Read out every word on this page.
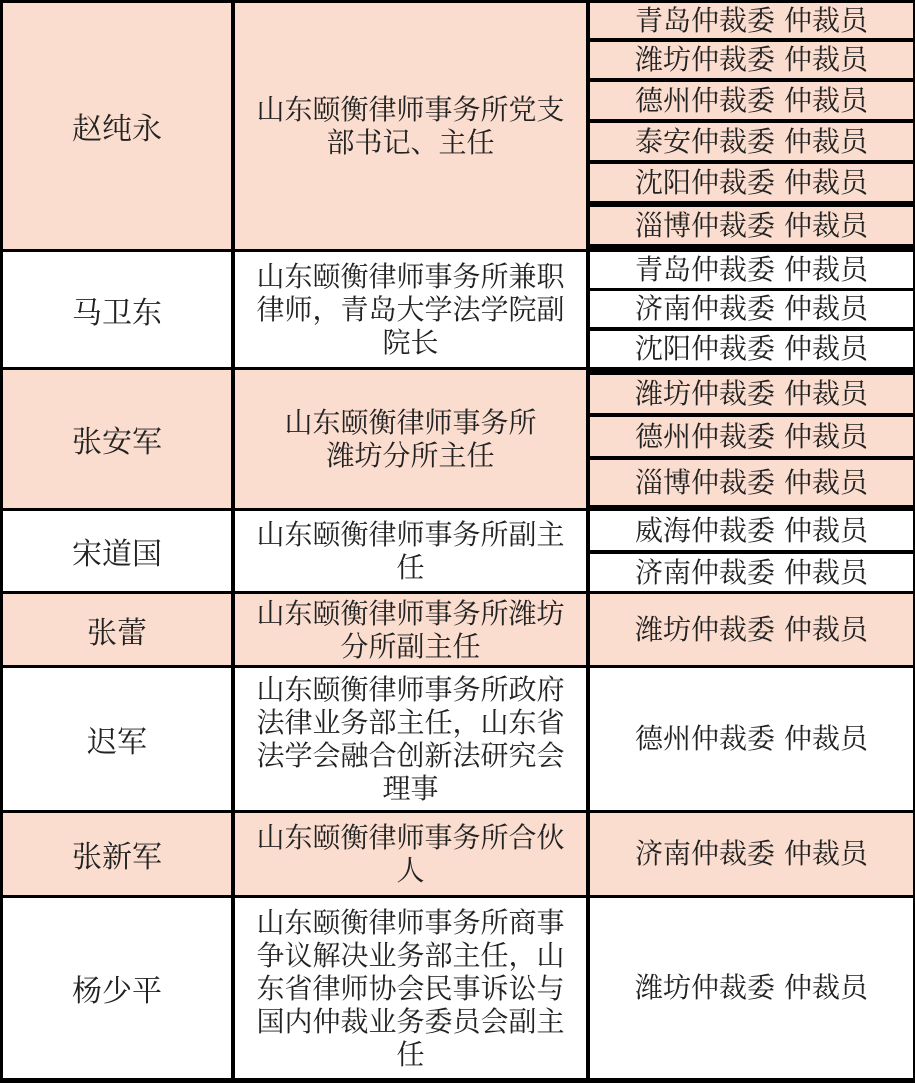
赵纯永
山东颐衡律师事务所党支
部书记、主任
青岛仲裁委 仲裁员
潍坊仲裁委 仲裁员
德州仲裁委 仲裁员
泰安仲裁委 仲裁员
沈阳仲裁委 仲裁员
淄博仲裁委 仲裁员
马卫东
山东颐衡律师事务所兼职
律师，青岛大学法学院副
院长
青岛仲裁委 仲裁员
济南仲裁委 仲裁员
沈阳仲裁委 仲裁员
张安军
山东颐衡律师事务所
潍坊分所主任
潍坊仲裁委 仲裁员
德州仲裁委 仲裁员
淄博仲裁委 仲裁员
宋道国
山东颐衡律师事务所副主
任
威海仲裁委 仲裁员
济南仲裁委 仲裁员
张蕾
山东颐衡律师事务所潍坊
分所副主任
潍坊仲裁委 仲裁员
迟军
山东颐衡律师事务所政府
法律业务部主任，山东省
法学会融合创新法研究会
理事
德州仲裁委 仲裁员
张新军
山东颐衡律师事务所合伙
人
济南仲裁委 仲裁员
杨少平
山东颐衡律师事务所商事
争议解决业务部主任，山
东省律师协会民事诉讼与
国内仲裁业务委员会副主
任
潍坊仲裁委 仲裁员
